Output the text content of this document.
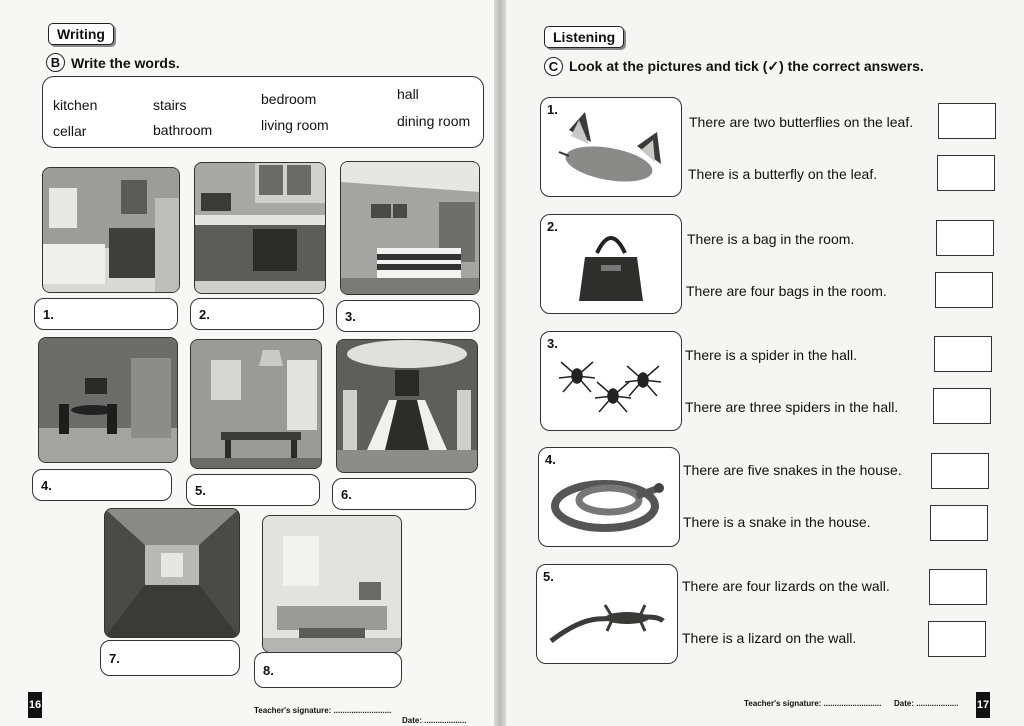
Writing
B Write the words.
kitchen	stairs	bedroom	hall
cellar	bathroom	living room	dining room
1.	2.	3.
4.	5.	6.
7.
8.
16	Teacher's signature: ..........................
Date: ...................
Listening
C Look at the pictures and tick (✓) the correct answers.
1.
There are two butterflies on the leaf.
There is a butterfly on the leaf.
2.
There is a bag in the room.
There are four bags in the room.
3.
There is a spider in the hall.
There are three spiders in the hall.
4.
There are five snakes in the house.
There is a snake in the house.
5.
There are four lizards on the wall.
There is a lizard on the wall.
Teacher's signature: .......................... Date: ................... 17
